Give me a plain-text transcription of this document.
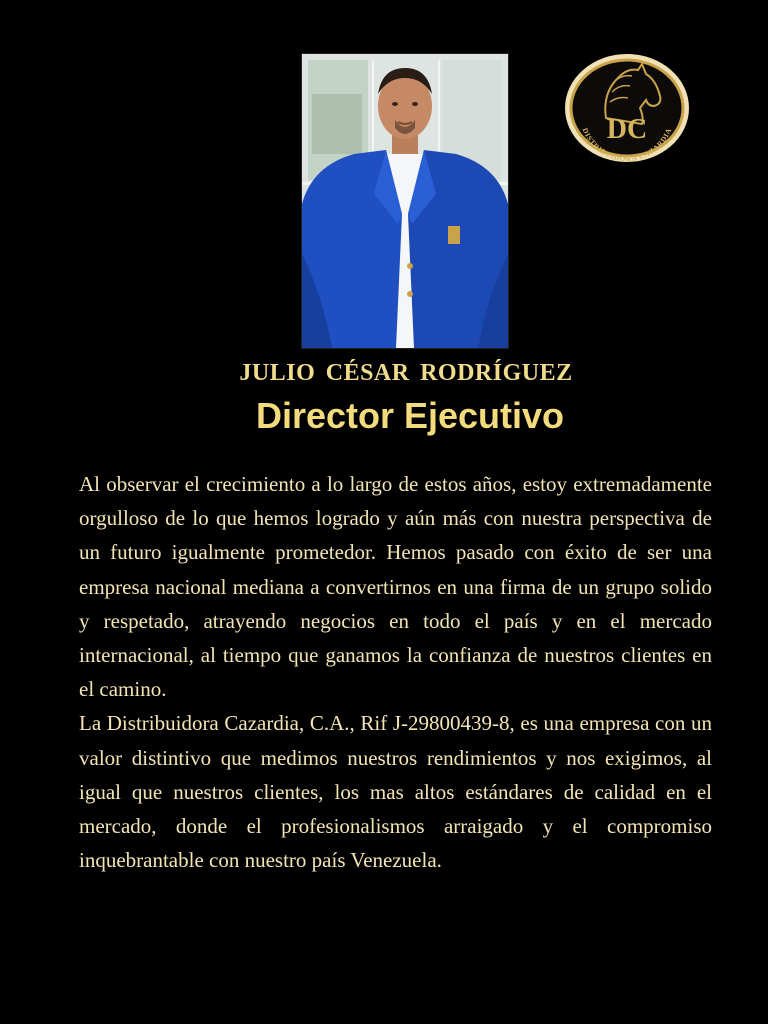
DC
DISTRIBUIDORA CAZARDIA
JULIO CÉSAR RODRÍGUEZ
Director Ejecutivo

Al observar el crecimiento a lo largo de estos años, estoy extremadamente orgulloso de lo que hemos logrado y aún más con nuestra perspectiva de un futuro igualmente prometedor. Hemos pasado con éxito de ser una empresa nacional mediana a convertirnos en una firma de un grupo solido y respetado, atrayendo negocios en todo el país y en el mercado internacional, al tiempo que ganamos la confianza de nuestros clientes en el camino.

La Distribuidora Cazardia, C.A., Rif J-29800439-8, es una empresa con un valor distintivo que medimos nuestros rendimientos y nos exigimos, al igual que nuestros clientes, los mas altos estándares de calidad en el mercado, donde el profesionalismos arraigado y el compromiso inquebrantable con nuestro país Venezuela.
